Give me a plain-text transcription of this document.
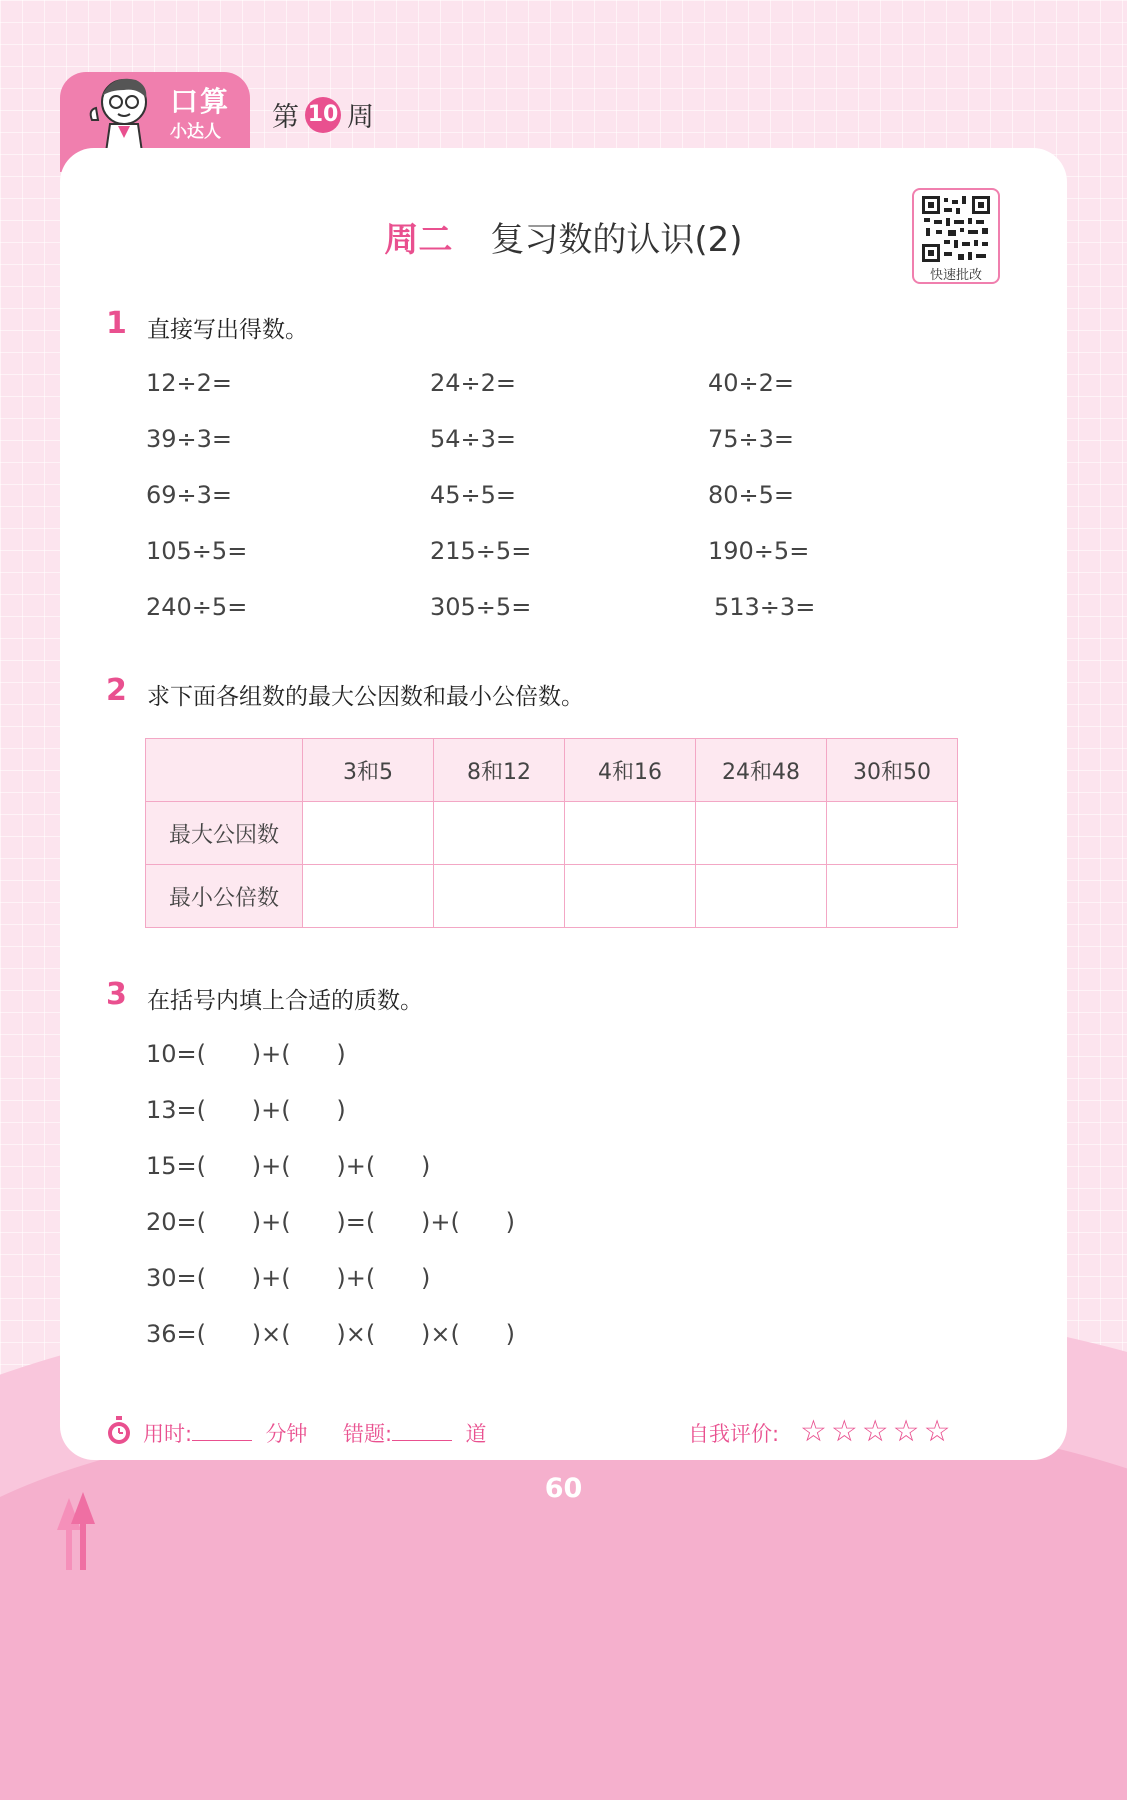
口算
小达人 第 10 周
周二 复习数的认识(2)
快速批改
1 直接写出得数。
12÷2=	24÷2=	40÷2=
39÷3=	54÷3=	75÷3=
69÷3=	45÷5=	80÷5=
105÷5=	215÷5=	190÷5=
240÷5=	305÷5=	513÷3=
2 求下面各组数的最大公因数和最小公倍数。
	3和5	8和12	4和16	24和48	30和50
最大公因数					
最小公倍数					
3 在括号内填上合适的质数。
10=(      )+(      )
13=(      )+(      )
15=(      )+(      )+(      )
20=(      )+(      )=(      )+(      )
30=(      )+(      )+(      )
36=(      )×(      )×(      )×(      )
用时:	分钟 错题:	道	自我评价: ☆☆☆☆☆
60
